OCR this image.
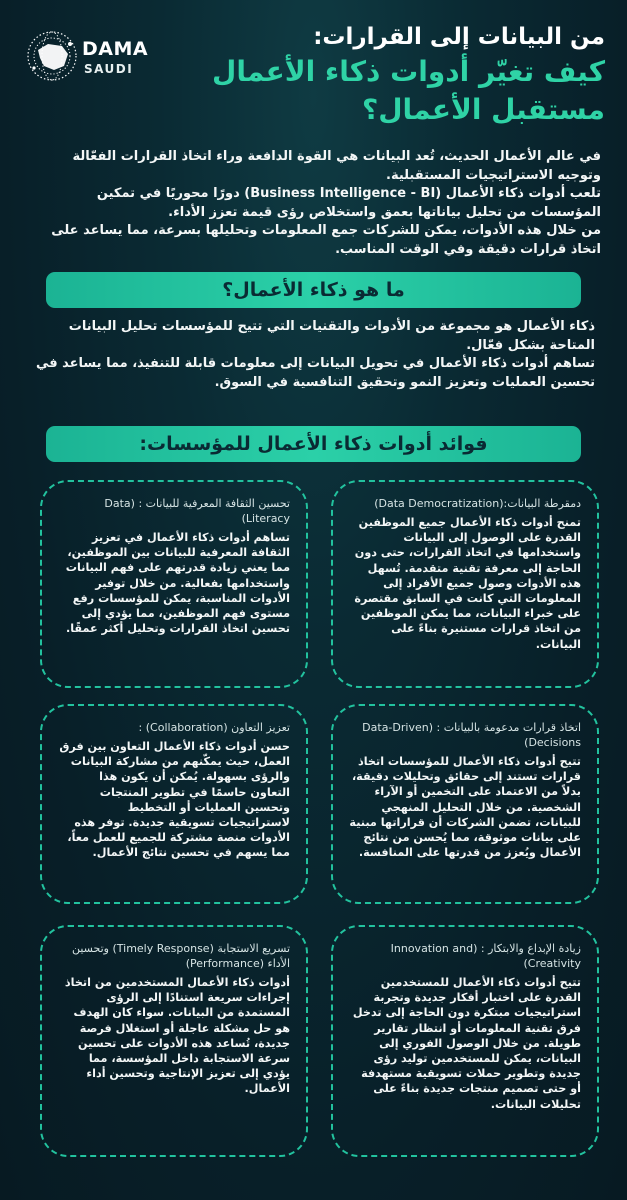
DAMA
SAUDI
من البيانات إلى القرارات:
كيف تغيّر أدوات ذكاء الأعمال
مستقبل الأعمال؟

في عالم الأعمال الحديث، تُعد البيانات هي القوة الدافعة وراء اتخاذ القرارات الفعّالة وتوجيه الاستراتيجيات المستقبلية.

تلعب أدوات ذكاء الأعمال (Business Intelligence - BI) دورًا محوريًا في تمكين المؤسسات من تحليل بياناتها بعمق واستخلاص رؤى قيمة تعزز الأداء.

من خلال هذه الأدوات، يمكن للشركات جمع المعلومات وتحليلها بسرعة، مما يساعد على اتخاذ قرارات دقيقة وفي الوقت المناسب.

ما هو ذكاء الأعمال؟

ذكاء الأعمال هو مجموعة من الأدوات والتقنيات التي تتيح للمؤسسات تحليل البيانات المتاحة بشكل فعّال.

تساهم أدوات ذكاء الأعمال في تحويل البيانات إلى معلومات قابلة للتنفيذ، مما يساعد في تحسين العمليات وتعزيز النمو وتحقيق التنافسية في السوق.

فوائد أدوات ذكاء الأعمال للمؤسسات:
دمقرطة البيانات:(Data Democratization)

تمنح أدوات ذكاء الأعمال جميع الموظفين القدرة على الوصول إلى البيانات واستخدامها في اتخاذ القرارات، حتى دون الحاجة إلى معرفة تقنية متقدمة. تُسهل هذه الأدوات وصول جميع الأفراد إلى المعلومات التي كانت في السابق مقتصرة على خبراء البيانات، مما يمكن الموظفين من اتخاذ قرارات مستنيرة بناءً على البيانات.

تحسين الثقافة المعرفية للبيانات : (Data Literacy)

تساهم أدوات ذكاء الأعمال في تعزيز الثقافة المعرفية للبيانات بين الموظفين، مما يعني زيادة قدرتهم على فهم البيانات واستخدامها بفعالية. من خلال توفير الأدوات المناسبة، يمكن للمؤسسات رفع مستوى فهم الموظفين، مما يؤدي إلى تحسين اتخاذ القرارات وتحليل أكثر عمقًا.

اتخاذ قرارات مدعومة بالبيانات : (Data-Driven Decisions)

تتيح أدوات ذكاء الأعمال للمؤسسات اتخاذ قرارات تستند إلى حقائق وتحليلات دقيقة، بدلاً من الاعتماد على التخمين أو الآراء الشخصية. من خلال التحليل المنهجي للبيانات، تضمن الشركات أن قراراتها مبنية على بيانات موثوقة، مما يُحسن من نتائج الأعمال ويُعزز من قدرتها على المنافسة.

تعزيز التعاون (Collaboration) :

حسن أدوات ذكاء الأعمال التعاون بين فرق العمل، حيث يمكّنهم من مشاركة البيانات والرؤى بسهولة. يُمكن أن يكون هذا التعاون حاسمًا في تطوير المنتجات وتحسين العمليات أو التخطيط لاستراتيجيات تسويقية جديدة. توفر هذه الأدوات منصة مشتركة للجميع للعمل معاً، مما يسهم في تحسين نتائج الأعمال.

زيادة الإبداع والابتكار : (Innovation and Creativity)

تتيح أدوات ذكاء الأعمال للمستخدمين القدرة على اختبار أفكار جديدة وتجربة استراتيجيات مبتكرة دون الحاجة إلى تدخل فرق تقنية المعلومات أو انتظار تقارير طويلة. من خلال الوصول الفوري إلى البيانات، يمكن للمستخدمين توليد رؤى جديدة وتطوير حملات تسويقية مستهدفة أو حتى تصميم منتجات جديدة بناءً على تحليلات البيانات.

تسريع الاستجابة (Timely Response) وتحسين الأداء (Performance)

أدوات ذكاء الأعمال المستخدمين من اتخاذ إجراءات سريعة استنادًا إلى الرؤى المستمدة من البيانات. سواء كان الهدف هو حل مشكلة عاجلة أو استغلال فرصة جديدة، تُساعد هذه الأدوات على تحسين سرعة الاستجابة داخل المؤسسة، مما يؤدي إلى تعزيز الإنتاجية وتحسين أداء الأعمال.
